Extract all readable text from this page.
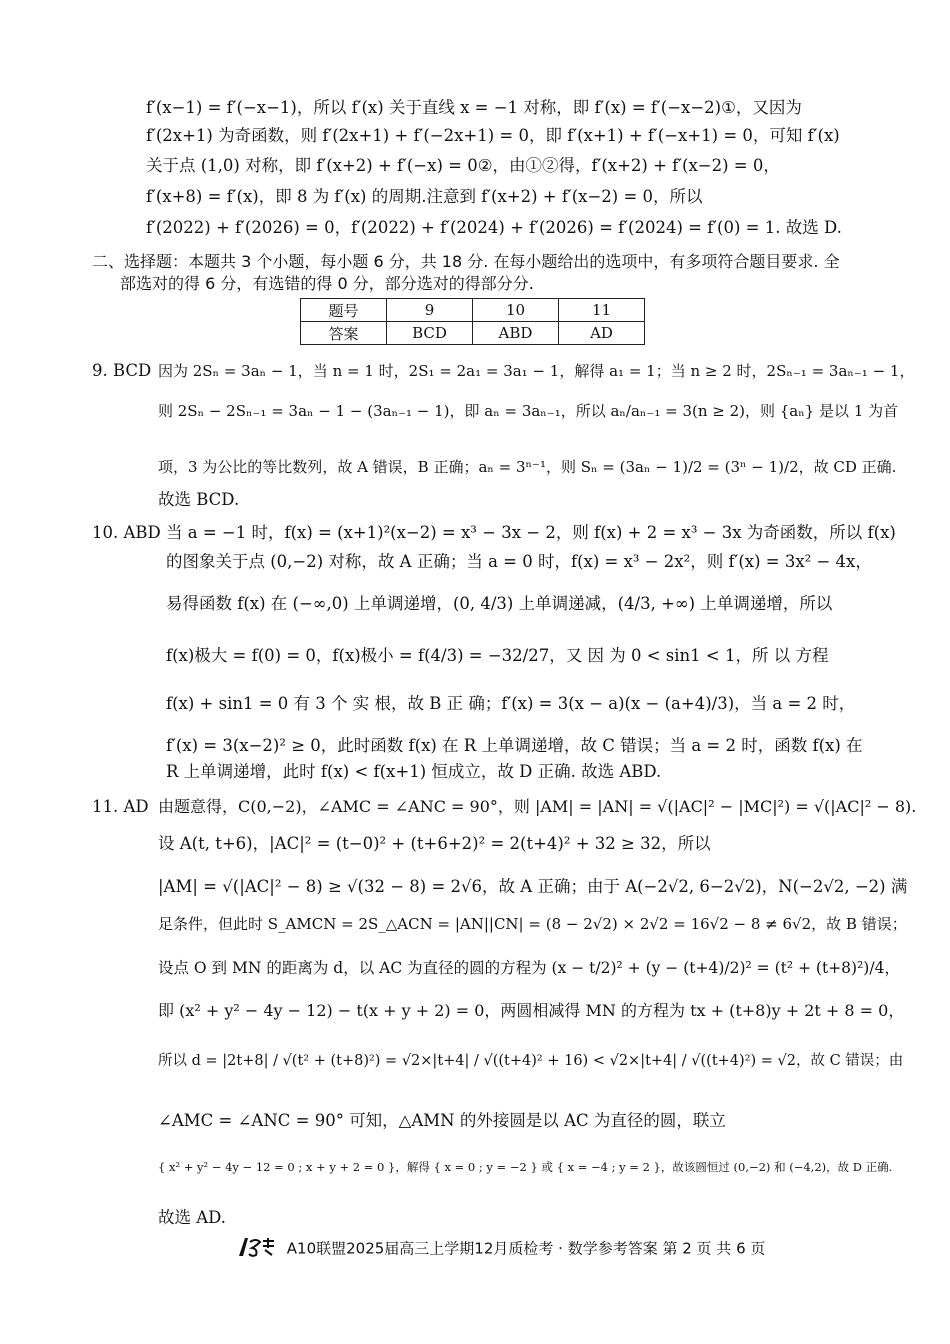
f′(x−1) = f′(−x−1)，所以 f′(x) 关于直线 x = −1 对称，即 f′(x) = f′(−x−2)①，又因为
f′(2x+1) 为奇函数，则 f′(2x+1) + f′(−2x+1) = 0，即 f′(x+1) + f′(−x+1) = 0，可知 f′(x)
关于点 (1,0) 对称，即 f′(x+2) + f′(−x) = 0②，由①②得，f′(x+2) + f′(x−2) = 0，
f′(x+8) = f′(x)，即 8 为 f′(x) 的周期.注意到 f′(x+2) + f′(x−2) = 0，所以
f′(2022) + f′(2026) = 0，f′(2022) + f′(2024) + f′(2026) = f′(2024) = f′(0) = 1. 故选 D.
二、选择题：本题共 3 个小题，每小题 6 分，共 18 分. 在每小题给出的选项中，有多项符合题目要求. 全
部选对的得 6 分，有选错的得 0 分，部分选对的得部分分.
题号	9	10	11
答案	BCD	ABD	AD
9. BCD 因为 2Sₙ = 3aₙ − 1，当 n = 1 时，2S₁ = 2a₁ = 3a₁ − 1，解得 a₁ = 1；当 n ≥ 2 时，2Sₙ₋₁ = 3aₙ₋₁ − 1，
则 2Sₙ − 2Sₙ₋₁ = 3aₙ − 1 − (3aₙ₋₁ − 1)，即 aₙ = 3aₙ₋₁，所以 aₙ/aₙ₋₁ = 3(n ≥ 2)，则 {aₙ} 是以 1 为首
项，3 为公比的等比数列，故 A 错误，B 正确；aₙ = 3ⁿ⁻¹，则 Sₙ = (3aₙ − 1)/2 = (3ⁿ − 1)/2，故 CD 正确.
故选 BCD.
10. ABD 当 a = −1 时，f(x) = (x+1)²(x−2) = x³ − 3x − 2，则 f(x) + 2 = x³ − 3x 为奇函数，所以 f(x)
的图象关于点 (0,−2) 对称，故 A 正确；当 a = 0 时，f(x) = x³ − 2x²，则 f′(x) = 3x² − 4x，
易得函数 f(x) 在 (−∞,0) 上单调递增，(0, 4/3) 上单调递减，(4/3, +∞) 上单调递增，所以
f(x)极大 = f(0) = 0，f(x)极小 = f(4/3) = −32/27，又 因 为 0 < sin1 < 1，所 以 方程
f(x) + sin1 = 0 有 3 个 实 根，故 B 正 确；f′(x) = 3(x − a)(x − (a+4)/3)，当 a = 2 时，
f′(x) = 3(x−2)² ≥ 0，此时函数 f(x) 在 R 上单调递增，故 C 错误；当 a = 2 时，函数 f(x) 在
R 上单调递增，此时 f(x) < f(x+1) 恒成立，故 D 正确. 故选 ABD.
11. AD 由题意得，C(0,−2)，∠AMC = ∠ANC = 90°，则 |AM| = |AN| = √(|AC|² − |MC|²) = √(|AC|² − 8).
设 A(t, t+6)，|AC|² = (t−0)² + (t+6+2)² = 2(t+4)² + 32 ≥ 32，所以
|AM| = √(|AC|² − 8) ≥ √(32 − 8) = 2√6，故 A 正确；由于 A(−2√2, 6−2√2)，N(−2√2, −2) 满
足条件，但此时 S_AMCN = 2S_△ACN = |AN||CN| = (8 − 2√2) × 2√2 = 16√2 − 8 ≠ 6√2，故 B 错误；
设点 O 到 MN 的距离为 d，以 AC 为直径的圆的方程为 (x − t/2)² + (y − (t+4)/2)² = (t² + (t+8)²)/4，
即 (x² + y² − 4y − 12) − t(x + y + 2) = 0，两圆相减得 MN 的方程为 tx + (t+8)y + 2t + 8 = 0，
所以 d = |2t+8| / √(t² + (t+8)²) = √2×|t+4| / √((t+4)² + 16) < √2×|t+4| / √((t+4)²) = √2，故 C 错误；由
∠AMC = ∠ANC = 90° 可知，△AMN 的外接圆是以 AC 为直径的圆，联立
{ x² + y² − 4y − 12 = 0 ; x + y + 2 = 0 }，解得 { x = 0 ; y = −2 } 或 { x = −4 ; y = 2 }，故该圆恒过 (0,−2) 和 (−4,2)，故 D 正确.
故选 AD.
A10联盟2025届高三上学期12月质检考 · 数学参考答案 第 2 页 共 6 页
